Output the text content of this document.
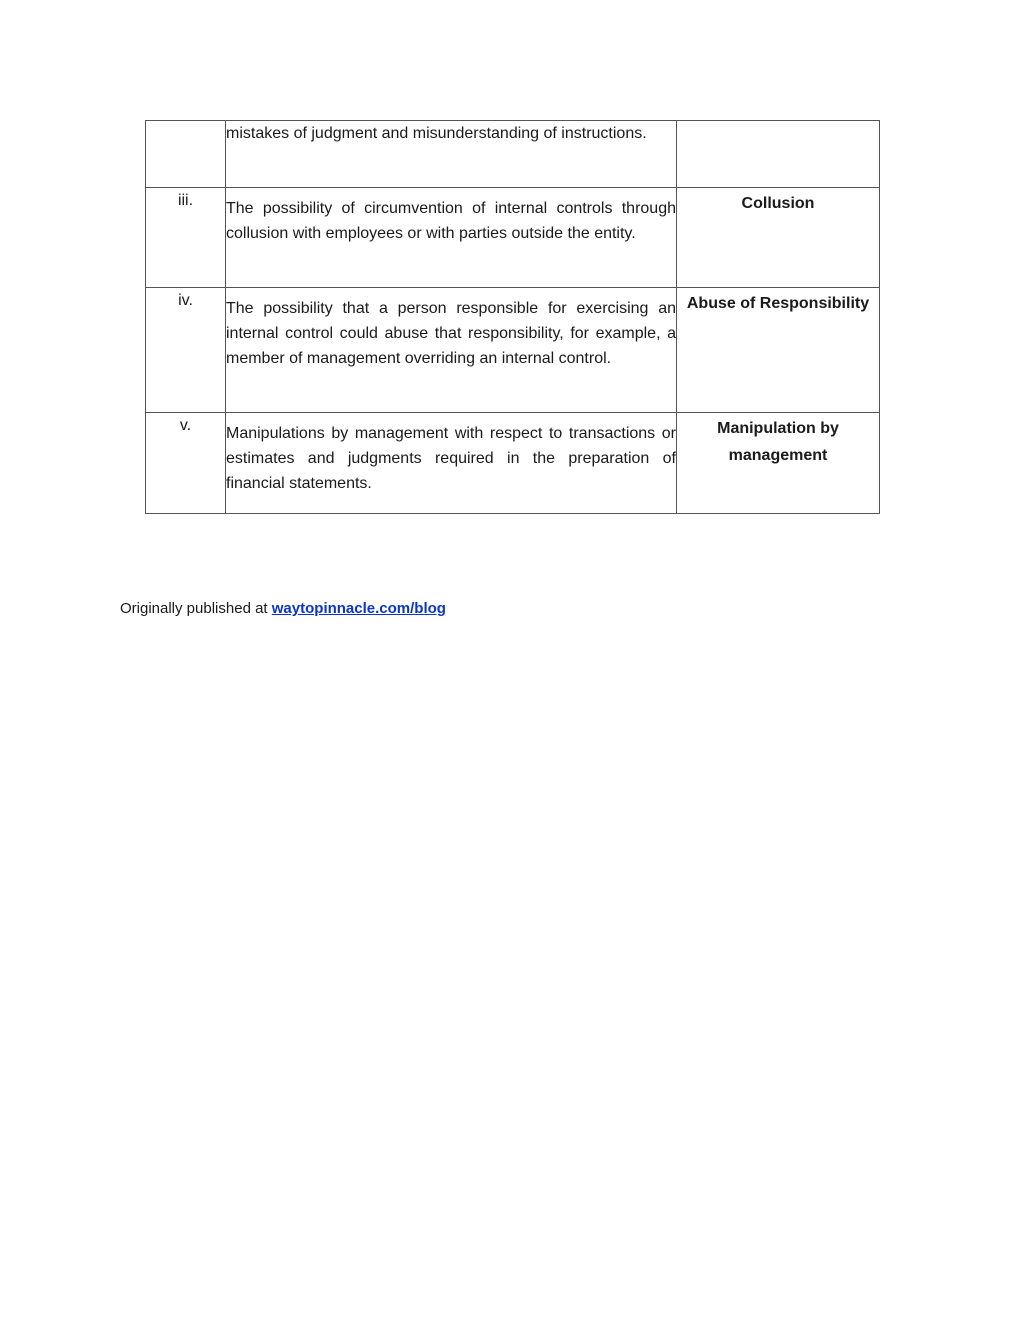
	mistakes of judgment and misunderstanding of instructions.	

iii.	The possibility of circumvention of internal controls through collusion with employees or with parties outside the entity.	Collusion

iv.	The possibility that a person responsible for exercising an internal control could abuse that responsibility, for example, a member of management overriding an internal control.	Abuse of Responsibility

v.	Manipulations by management with respect to transactions or estimates and judgments required in the preparation of financial statements.	Manipulation by management
Originally published at waytopinnacle.com/blog
